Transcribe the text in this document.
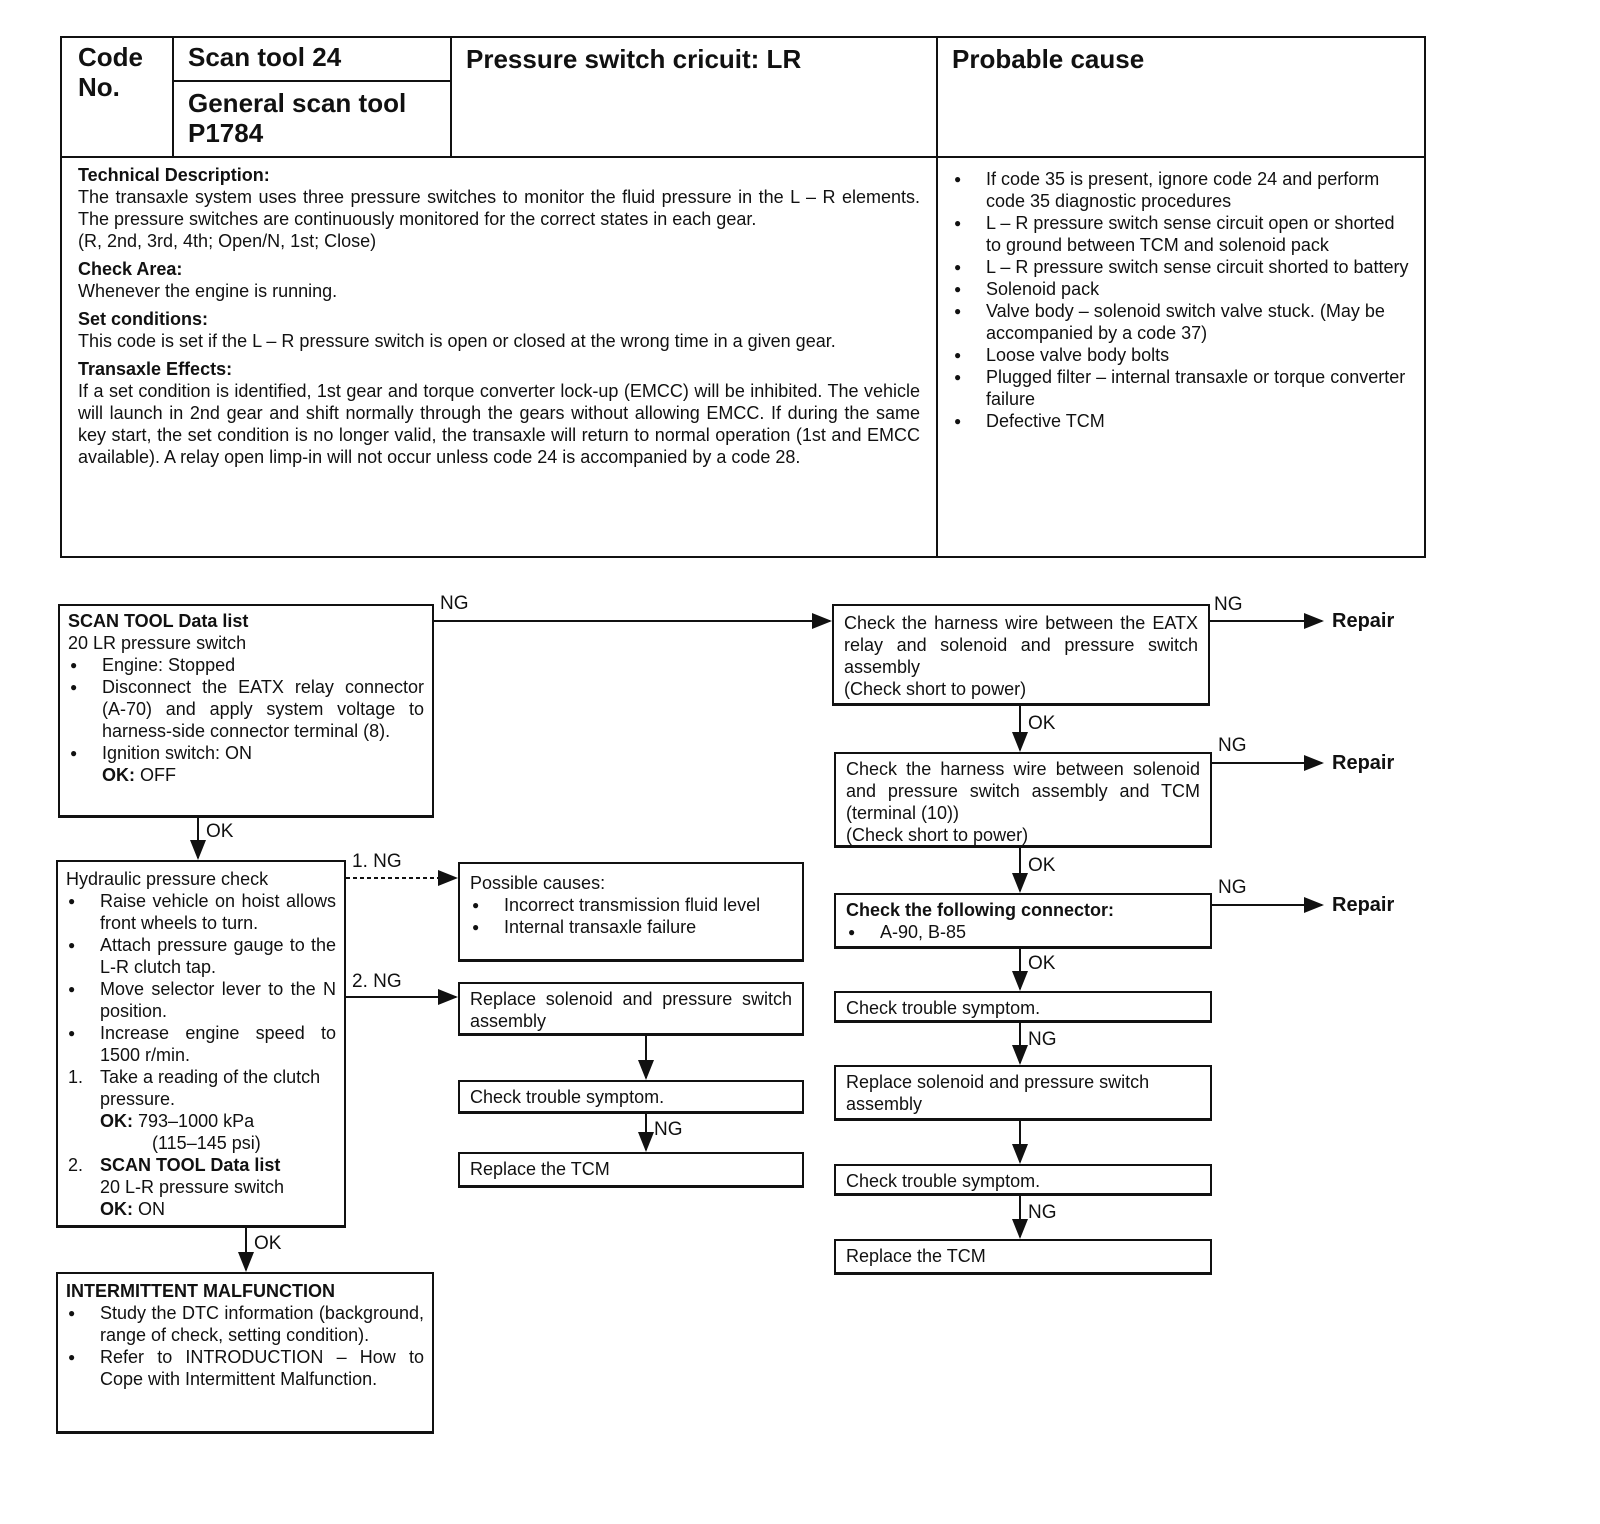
Code No.
Scan tool 24
General scan tool P1784
Pressure switch cricuit: LR	Probable cause

Technical Description:

The transaxle system uses three pressure switches to monitor the fluid pressure in the L – R elements. The pressure switches are continuously monitored for the correct states in each gear.

(R, 2nd, 3rd, 4th; Open/N, 1st; Close)

Check Area:

Whenever the engine is running.

Set conditions:

This code is set if the L – R pressure switch is open or closed at the wrong time in a given gear.

Transaxle Effects:

If a set condition is identified, 1st gear and torque converter lock-up (EMCC) will be inhibited. The vehicle will launch in 2nd gear and shift normally through the gears without allowing EMCC. If during the same key start, the set condition is no longer valid, the transaxle will return to normal operation (1st and EMCC available). A relay open limp-in will not occur unless code 24 is accompanied by a code 28.

● If code 35 is present, ignore code 24 and perform code 35 diagnostic procedures
● L – R pressure switch sense circuit open or shorted to ground between TCM and solenoid pack
● L – R pressure switch sense circuit shorted to battery
● Solenoid pack
● Valve body – solenoid switch valve stuck. (May be accompanied by a code 37)
● Loose valve body bolts
● Plugged filter – internal transaxle or torque converter failure
● Defective TCM
NG	NG
NG
NG
OK
1. NG
2. NG
NG
OK
OK
OK
OK
NG
NG
Repair
Repair
Repair

SCAN TOOL Data list

20 LR pressure switch

● Engine: Stopped
● Disconnect the EATX relay connector (A-70) and apply system voltage to harness-side connector terminal (8).
● Ignition switch: ON

OK: OFF

Hydraulic pressure check

● Raise vehicle on hoist allows front wheels to turn.
● Attach pressure gauge to the L-R clutch tap.
● Move selector lever to the N position.
● Increase engine speed to 1500 r/min.
1. Take a reading of the clutch pressure.
OK: 793–1000 kPa
(115–145 psi)
2. SCAN TOOL Data list
20 L-R pressure switch
OK: ON

INTERMITTENT MALFUNCTION

● Study the DTC information (background, range of check, setting condition).
● Refer to INTRODUCTION – How to Cope with Intermittent Malfunction.

Possible causes:

● Incorrect transmission fluid level
● Internal transaxle failure
Replace solenoid and pressure switch assembly
Check trouble symptom.
Replace the TCM

Check the harness wire between the EATX relay and solenoid and pressure switch assembly

(Check short to power)

Check the harness wire between solenoid and pressure switch assembly and TCM (terminal (10))

(Check short to power)

Check the following connector:

● A-90, B-85
Check trouble symptom.
Replace solenoid and pressure switch assembly
Check trouble symptom.
Replace the TCM
